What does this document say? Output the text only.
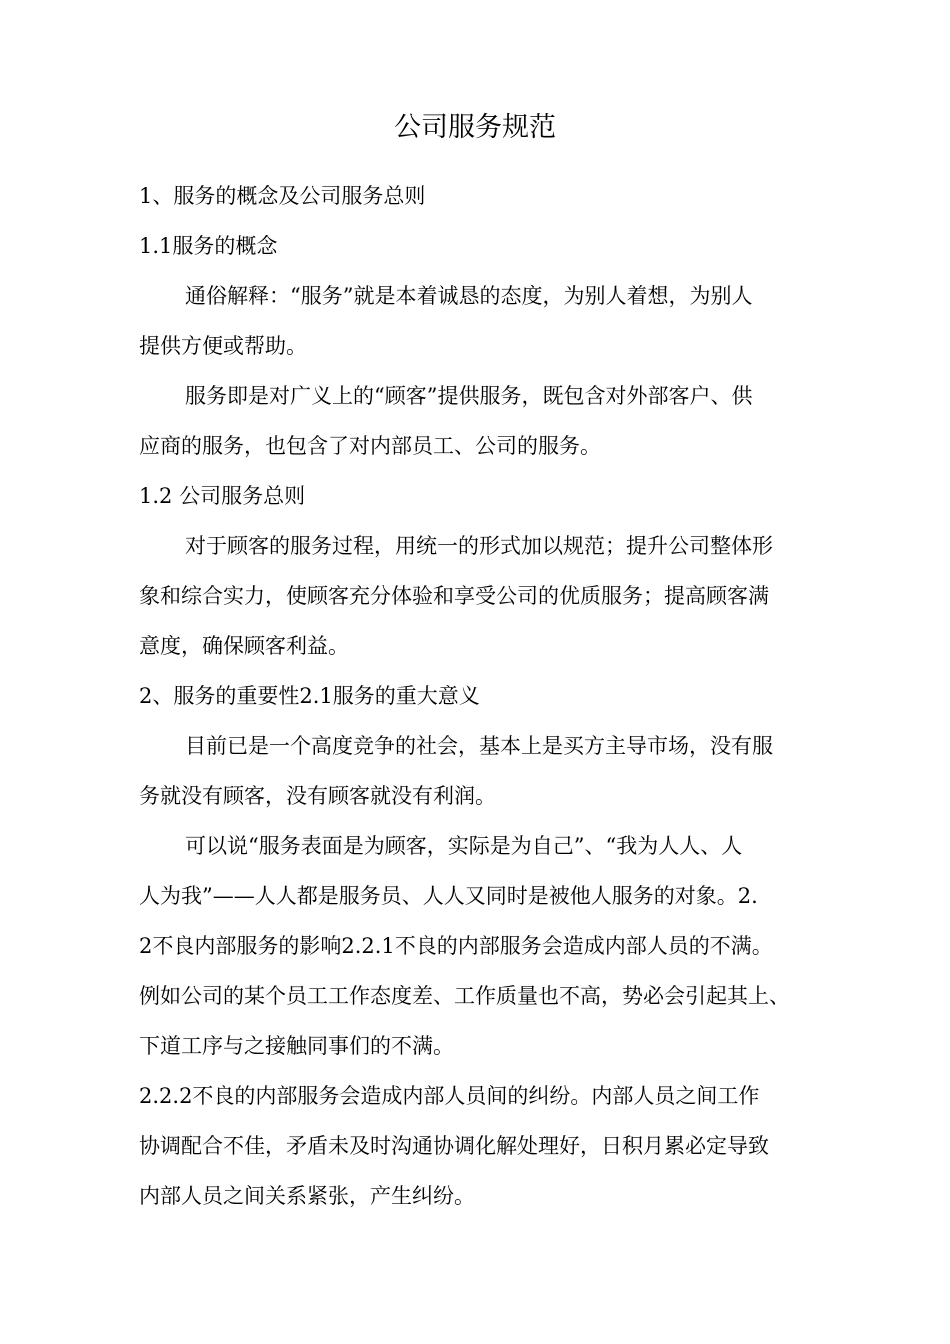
公司服务规范
1、服务的概念及公司服务总则
1.1服务的概念
通俗解释：“服务”就是本着诚恳的态度，为别人着想，为别人
提供方便或帮助。
服务即是对广义上的“顾客”提供服务，既包含对外部客户、供
应商的服务，也包含了对内部员工、公司的服务。
1.2 公司服务总则
对于顾客的服务过程，用统一的形式加以规范；提升公司整体形
象和综合实力，使顾客充分体验和享受公司的优质服务；提高顾客满
意度，确保顾客利益。
2、服务的重要性2.1服务的重大意义
目前已是一个高度竞争的社会，基本上是买方主导市场，没有服
务就没有顾客，没有顾客就没有利润。
可以说“服务表面是为顾客，实际是为自己”、“我为人人、人
人为我”——人人都是服务员、人人又同时是被他人服务的对象。2.
2不良内部服务的影响2.2.1不良的内部服务会造成内部人员的不满。
例如公司的某个员工工作态度差、工作质量也不高，势必会引起其上、
下道工序与之接触同事们的不满。
2.2.2不良的内部服务会造成内部人员间的纠纷。内部人员之间工作
协调配合不佳，矛盾未及时沟通协调化解处理好，日积月累必定导致
内部人员之间关系紧张，产生纠纷。
